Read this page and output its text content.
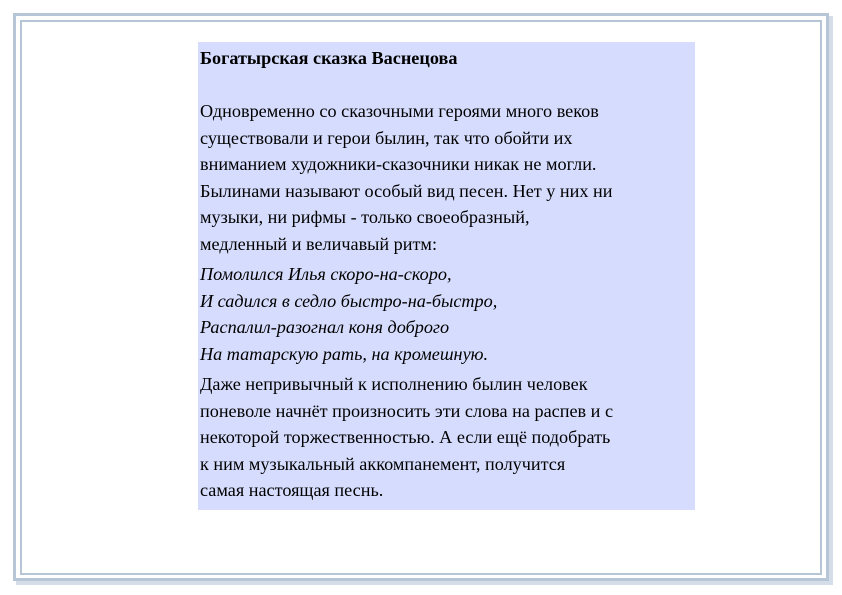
Богатырская сказка Васнецова
Одновременно со сказочными героями много веков
существовали и герои былин, так что обойти их
вниманием художники-сказочники никак не могли.
Былинами называют особый вид песен. Нет у них ни
музыки, ни рифмы - только своеобразный,
медленный и величавый ритм:
Помолился Илья скоро-на-скоро,
И садился в седло быстро-на-быстро,
Распалил-разогнал коня доброго
На татарскую рать, на кромешную.
Даже непривычный к исполнению былин человек
поневоле начнёт произносить эти слова на распев и с
некоторой торжественностью. А если ещё подобрать
к ним музыкальный аккомпанемент, получится
самая настоящая песнь.
